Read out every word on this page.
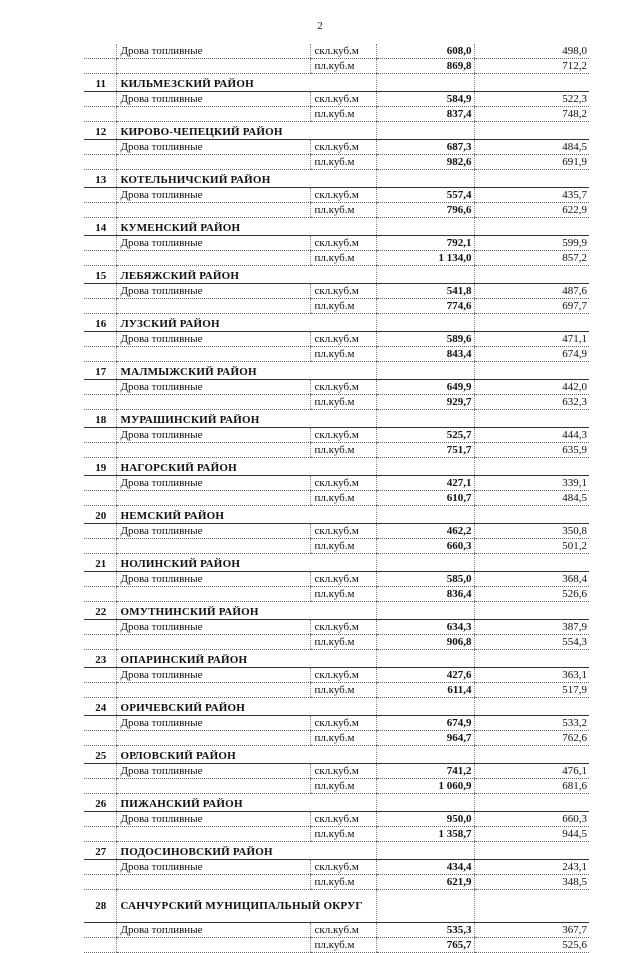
2
	Дрова топливные	скл.куб.м	608,0	498,0
		пл.куб.м	869,8	712,2
11	КИЛЬМЕЗСКИЙ РАЙОН			
	Дрова топливные	скл.куб.м	584,9	522,3
		пл.куб.м	837,4	748,2
12	КИРОВО-ЧЕПЕЦКИЙ РАЙОН			
	Дрова топливные	скл.куб.м	687,3	484,5
		пл.куб.м	982,6	691,9
13	КОТЕЛЬНИЧСКИЙ РАЙОН			
	Дрова топливные	скл.куб.м	557,4	435,7
		пл.куб.м	796,6	622,9
14	КУМЕНСКИЙ РАЙОН			
	Дрова топливные	скл.куб.м	792,1	599,9
		пл.куб.м	1 134,0	857,2
15	ЛЕБЯЖСКИЙ РАЙОН			
	Дрова топливные	скл.куб.м	541,8	487,6
		пл.куб.м	774,6	697,7
16	ЛУЗСКИЙ РАЙОН			
	Дрова топливные	скл.куб.м	589,6	471,1
		пл.куб.м	843,4	674,9
17	МАЛМЫЖСКИЙ РАЙОН			
	Дрова топливные	скл.куб.м	649,9	442,0
		пл.куб.м	929,7	632,3
18	МУРАШИНСКИЙ РАЙОН			
	Дрова топливные	скл.куб.м	525,7	444,3
		пл.куб.м	751,7	635,9
19	НАГОРСКИЙ РАЙОН			
	Дрова топливные	скл.куб.м	427,1	339,1
		пл.куб.м	610,7	484,5
20	НЕМСКИЙ РАЙОН			
	Дрова топливные	скл.куб.м	462,2	350,8
		пл.куб.м	660,3	501,2
21	НОЛИНСКИЙ РАЙОН			
	Дрова топливные	скл.куб.м	585,0	368,4
		пл.куб.м	836,4	526,6
22	ОМУТНИНСКИЙ РАЙОН			
	Дрова топливные	скл.куб.м	634,3	387,9
		пл.куб.м	906,8	554,3
23	ОПАРИНСКИЙ РАЙОН			
	Дрова топливные	скл.куб.м	427,6	363,1
		пл.куб.м	611,4	517,9
24	ОРИЧЕВСКИЙ РАЙОН			
	Дрова топливные	скл.куб.м	674,9	533,2
		пл.куб.м	964,7	762,6
25	ОРЛОВСКИЙ РАЙОН			
	Дрова топливные	скл.куб.м	741,2	476,1
		пл.куб.м	1 060,9	681,6
26	ПИЖАНСКИЙ РАЙОН			
	Дрова топливные	скл.куб.м	950,0	660,3
		пл.куб.м	1 358,7	944,5
27	ПОДОСИНОВСКИЙ РАЙОН			
	Дрова топливные	скл.куб.м	434,4	243,1
		пл.куб.м	621,9	348,5
28	САНЧУРСКИЙ МУНИЦИПАЛЬНЫЙ ОКРУГ			
	Дрова топливные	скл.куб.м	535,3	367,7
		пл.куб.м	765,7	525,6
